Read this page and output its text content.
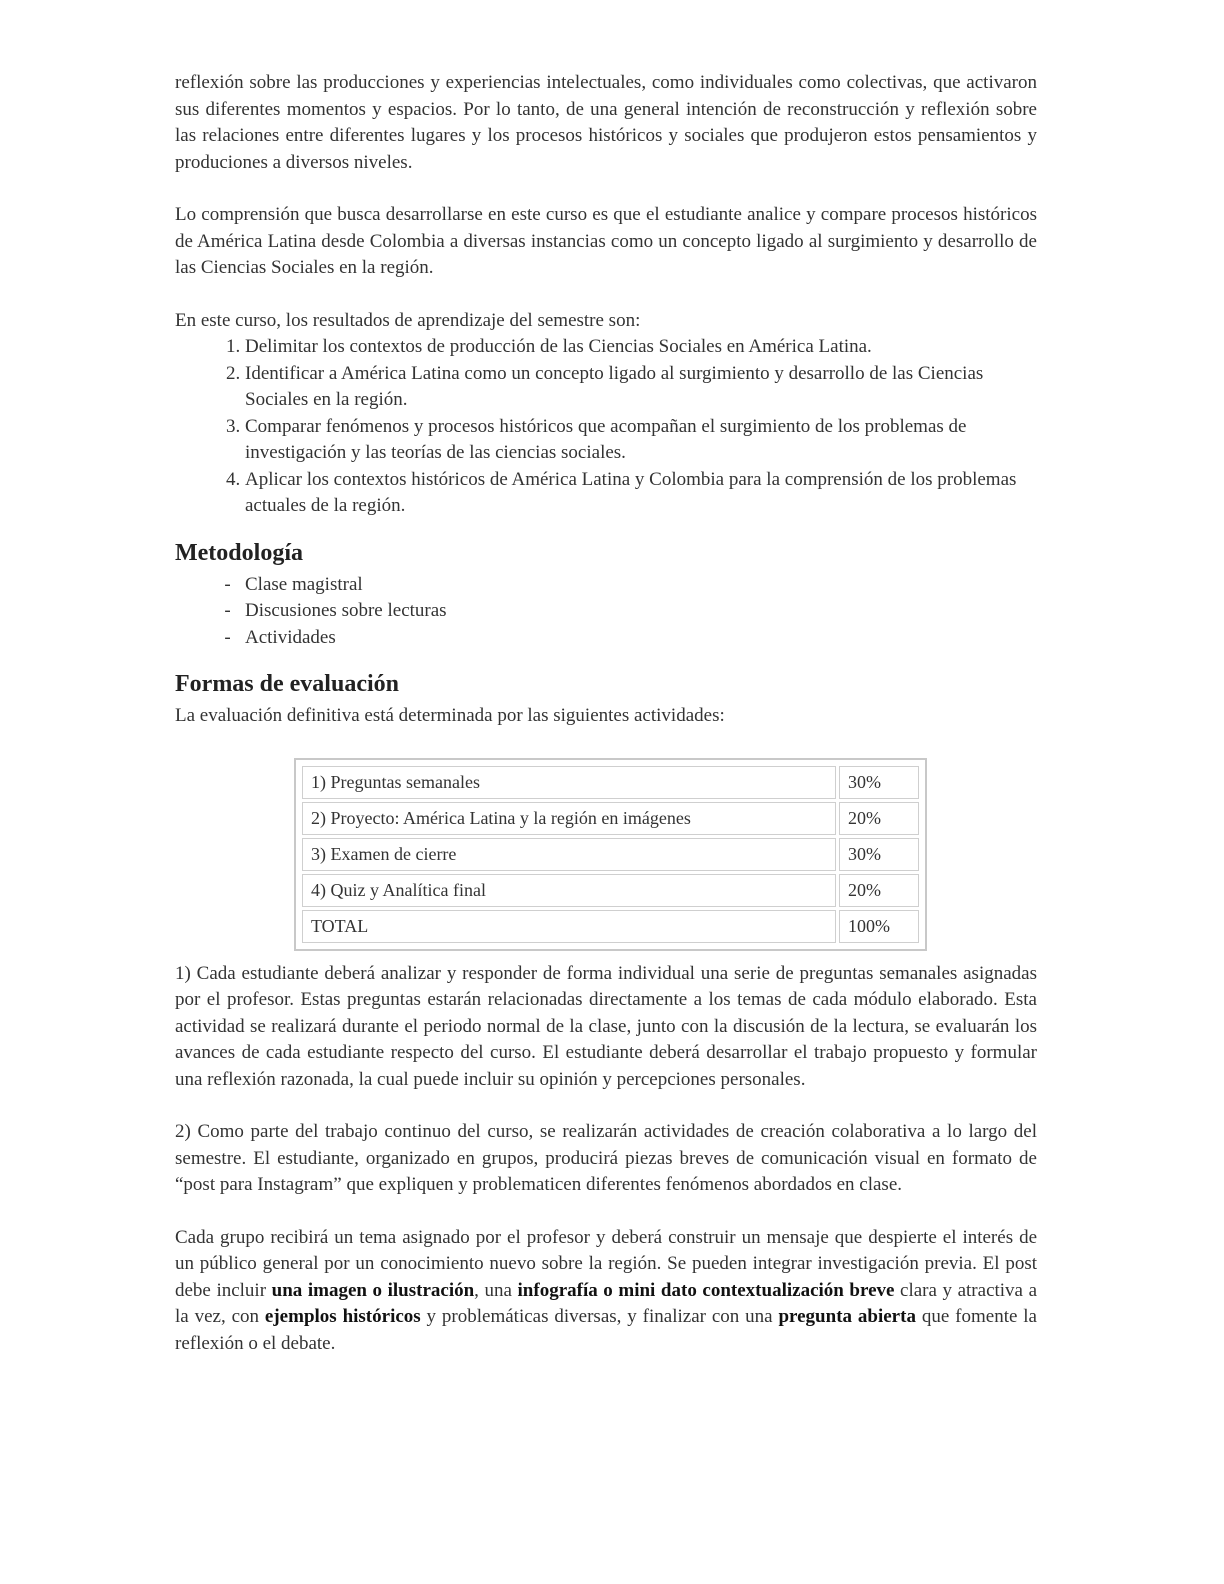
reflexión sobre las producciones y experiencias intelectuales, como individuales como colectivas, que activaron sus diferentes momentos y espacios. Por lo tanto, de una general intención de reconstrucción y reflexión sobre las relaciones entre diferentes lugares y los procesos históricos y sociales que produjeron estos pensamientos y produciones a diversos niveles.

Lo comprensión que busca desarrollarse en este curso es que el estudiante analice y compare procesos históricos de América Latina desde Colombia a diversas instancias como un concepto ligado al surgimiento y desarrollo de las Ciencias Sociales en la región.

En este curso, los resultados de aprendizaje del semestre son:

1. Delimitar los contextos de producción de las Ciencias Sociales en América Latina.
2. Identificar a América Latina como un concepto ligado al surgimiento y desarrollo de las Ciencias Sociales en la región.
3. Comparar fenómenos y procesos históricos que acompañan el surgimiento de los problemas de investigación y las teorías de las ciencias sociales.
4. Aplicar los contextos históricos de América Latina y Colombia para la comprensión de los problemas actuales de la región.
Metodología
- Clase magistral
- Discusiones sobre lecturas
- Actividades
Formas de evaluación

La evaluación definitiva está determinada por las siguientes actividades:

1) Preguntas semanales	30%
2) Proyecto: América Latina y la región en imágenes	20%
3) Examen de cierre	30%
4) Quiz y Analítica final	20%
TOTAL	100%

1) Cada estudiante deberá analizar y responder de forma individual una serie de preguntas semanales asignadas por el profesor. Estas preguntas estarán relacionadas directamente a los temas de cada módulo elaborado. Esta actividad se realizará durante el periodo normal de la clase, junto con la discusión de la lectura, se evaluarán los avances de cada estudiante respecto del curso. El estudiante deberá desarrollar el trabajo propuesto y formular una reflexión razonada, la cual puede incluir su opinión y percepciones personales.

2) Como parte del trabajo continuo del curso, se realizarán actividades de creación colaborativa a lo largo del semestre. El estudiante, organizado en grupos, producirá piezas breves de comunicación visual en formato de “post para Instagram” que expliquen y problematicen diferentes fenómenos abordados en clase.

Cada grupo recibirá un tema asignado por el profesor y deberá construir un mensaje que despierte el interés de un público general por un conocimiento nuevo sobre la región. Se pueden integrar investigación previa. El post debe incluir una imagen o ilustración, una infografía o mini dato contextualización breve clara y atractiva a la vez, con ejemplos históricos y problemáticas diversas, y finalizar con una pregunta abierta que fomente la reflexión o el debate.
